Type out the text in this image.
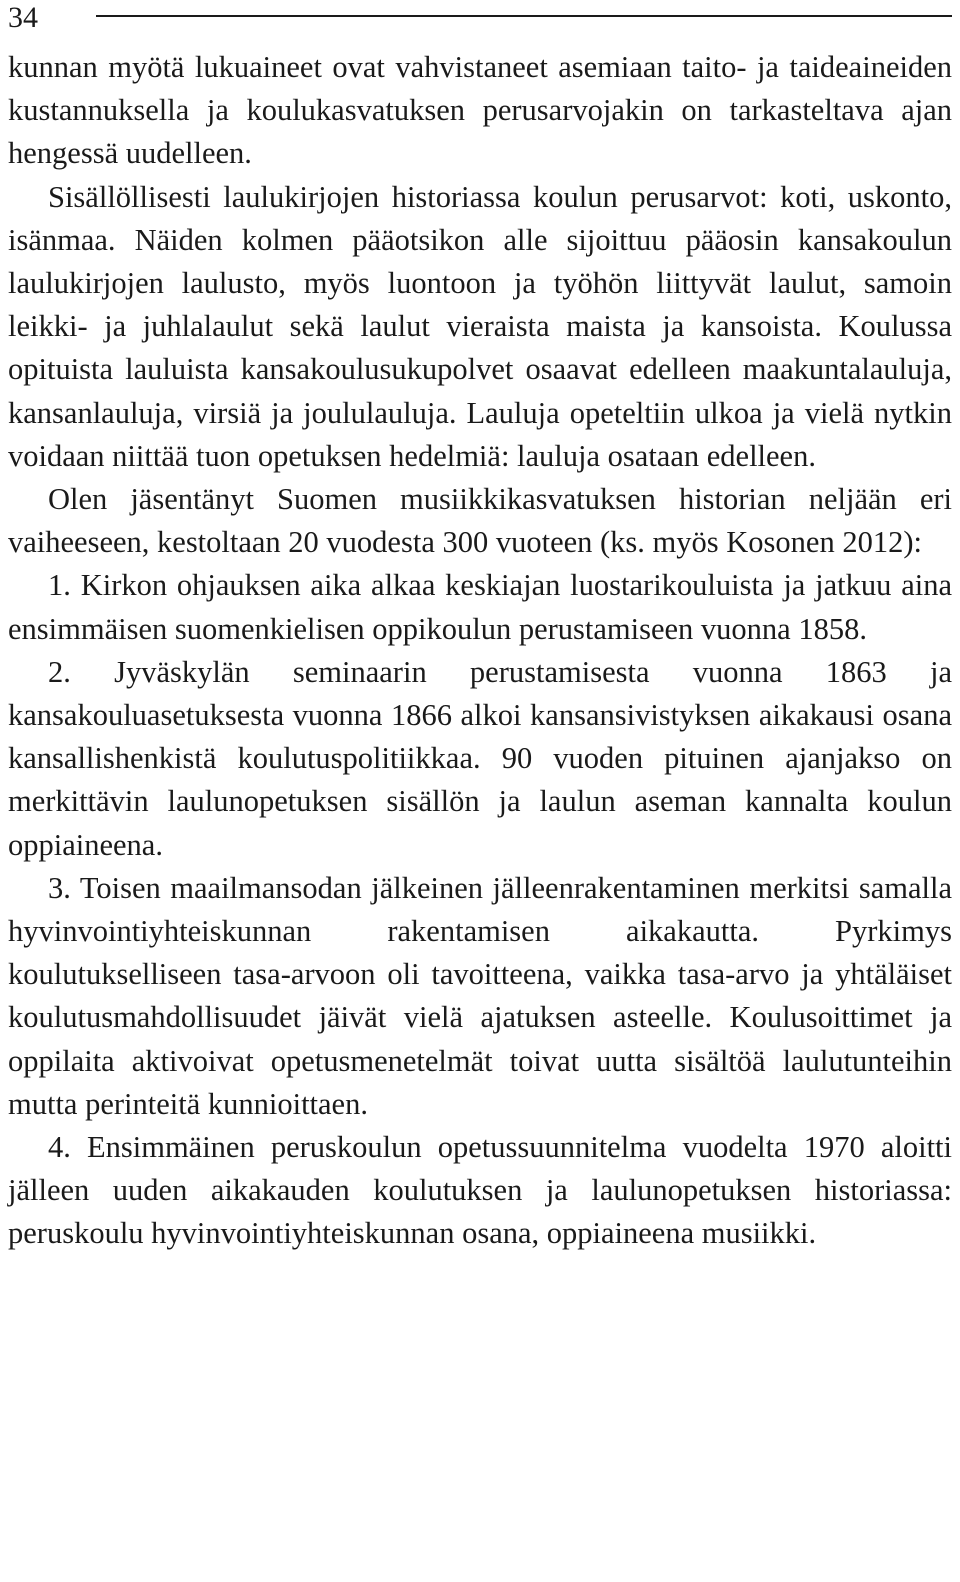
34

kunnan myötä lukuaineet ovat vahvistaneet asemiaan taito- ja taideaineiden kustannuksella ja koulukasvatuksen perusarvojakin on tarkasteltava ajan hengessä uudelleen.

Sisällöllisesti laulukirjojen historiassa koulun perusarvot: koti, uskonto, isänmaa. Näiden kolmen pääotsikon alle sijoittuu pääosin kansakoulun laulukirjojen laulusto, myös luontoon ja työhön liittyvät laulut, samoin leikki- ja juhlalaulut sekä laulut vieraista maista ja kansoista. Koulussa opituista lauluista kansakoulusukupolvet osaavat edelleen maakuntalauluja, kansanlauluja, virsiä ja joululauluja. Lauluja opeteltiin ulkoa ja vielä nytkin voidaan niittää tuon opetuksen hedelmiä: lauluja osataan edelleen.

Olen jäsentänyt Suomen musiikkikasvatuksen historian neljään eri vaiheeseen, kestoltaan 20 vuodesta 300 vuoteen (ks. myös Kosonen 2012):

1. Kirkon ohjauksen aika alkaa keskiajan luostarikouluista ja jatkuu aina ensimmäisen suomenkielisen oppikoulun perustamiseen vuonna 1858.

2. Jyväskylän seminaarin perustamisesta vuonna 1863 ja kansakouluasetuksesta vuonna 1866 alkoi kansansivistyksen aikakausi osana kansallishenkistä koulutuspolitiikkaa. 90 vuoden pituinen ajanjakso on merkittävin laulunopetuksen sisällön ja laulun aseman kannalta koulun oppiaineena.

3. Toisen maailmansodan jälkeinen jälleenrakentaminen merkitsi samalla hyvinvointiyhteiskunnan rakentamisen aikakautta. Pyrkimys koulutukselliseen tasa-arvoon oli tavoitteena, vaikka tasa-arvo ja yhtäläiset koulutusmahdollisuudet jäivät vielä ajatuksen asteelle. Koulusoittimet ja oppilaita aktivoivat opetusmenetelmät toivat uutta sisältöä laulutunteihin mutta perinteitä kunnioittaen.

4. Ensimmäinen peruskoulun opetussuunnitelma vuodelta 1970 aloitti jälleen uuden aikakauden koulutuksen ja laulunopetuksen historiassa: peruskoulu hyvinvointiyhteiskunnan osana, oppiaineena musiikki.
